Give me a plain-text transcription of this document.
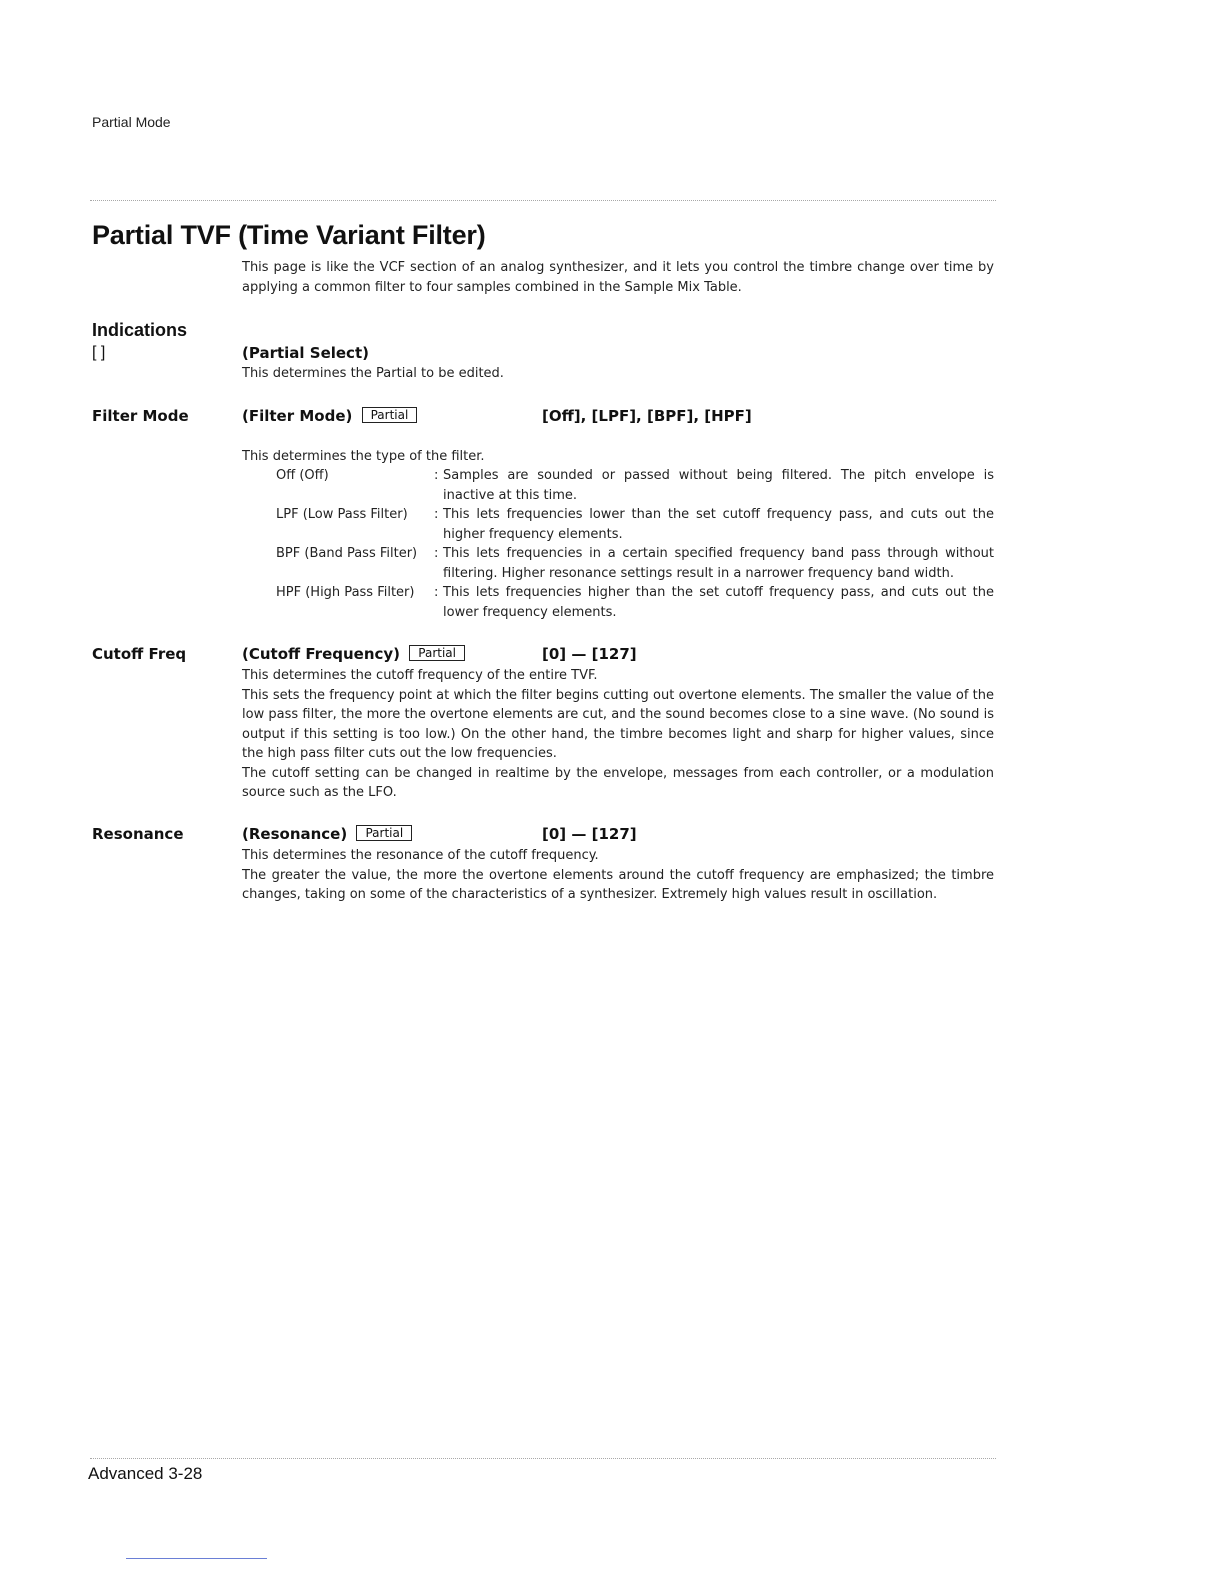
Partial Mode
Partial TVF (Time Variant Filter)
This page is like the VCF section of an analog synthesizer, and it lets you control the timbre change over time by applying a common filter to four samples combined in the Sample Mix Table.
Indications
[ ]	(Partial Select)
This determines the Partial to be edited.
Filter Mode	(Filter Mode) Partial	[Off], [LPF], [BPF], [HPF]
This determines the type of the filter.
Off (Off)	: Samples are sounded or passed without being filtered. The pitch envelope is inactive at this time.
LPF (Low Pass Filter)	: This lets frequencies lower than the set cutoff frequency pass, and cuts out the higher frequency elements.
BPF (Band Pass Filter)	: This lets frequencies in a certain specified frequency band pass through without filtering. Higher resonance settings result in a narrower frequency band width.
HPF (High Pass Filter)	: This lets frequencies higher than the set cutoff frequency pass, and cuts out the lower frequency elements.
Cutoff Freq	(Cutoff Frequency) Partial	[0] — [127]
This determines the cutoff frequency of the entire TVF.
This sets the frequency point at which the filter begins cutting out overtone elements. The smaller the value of the low pass filter, the more the overtone elements are cut, and the sound becomes close to a sine wave. (No sound is output if this setting is too low.) On the other hand, the timbre becomes light and sharp for higher values, since the high pass filter cuts out the low frequencies.
The cutoff setting can be changed in realtime by the envelope, messages from each controller, or a modulation source such as the LFO.
Resonance	(Resonance) Partial	[0] — [127]
This determines the resonance of the cutoff frequency.
The greater the value, the more the overtone elements around the cutoff frequency are emphasized; the timbre changes, taking on some of the characteristics of a synthesizer. Extremely high values result in oscillation.
Advanced 3-28
